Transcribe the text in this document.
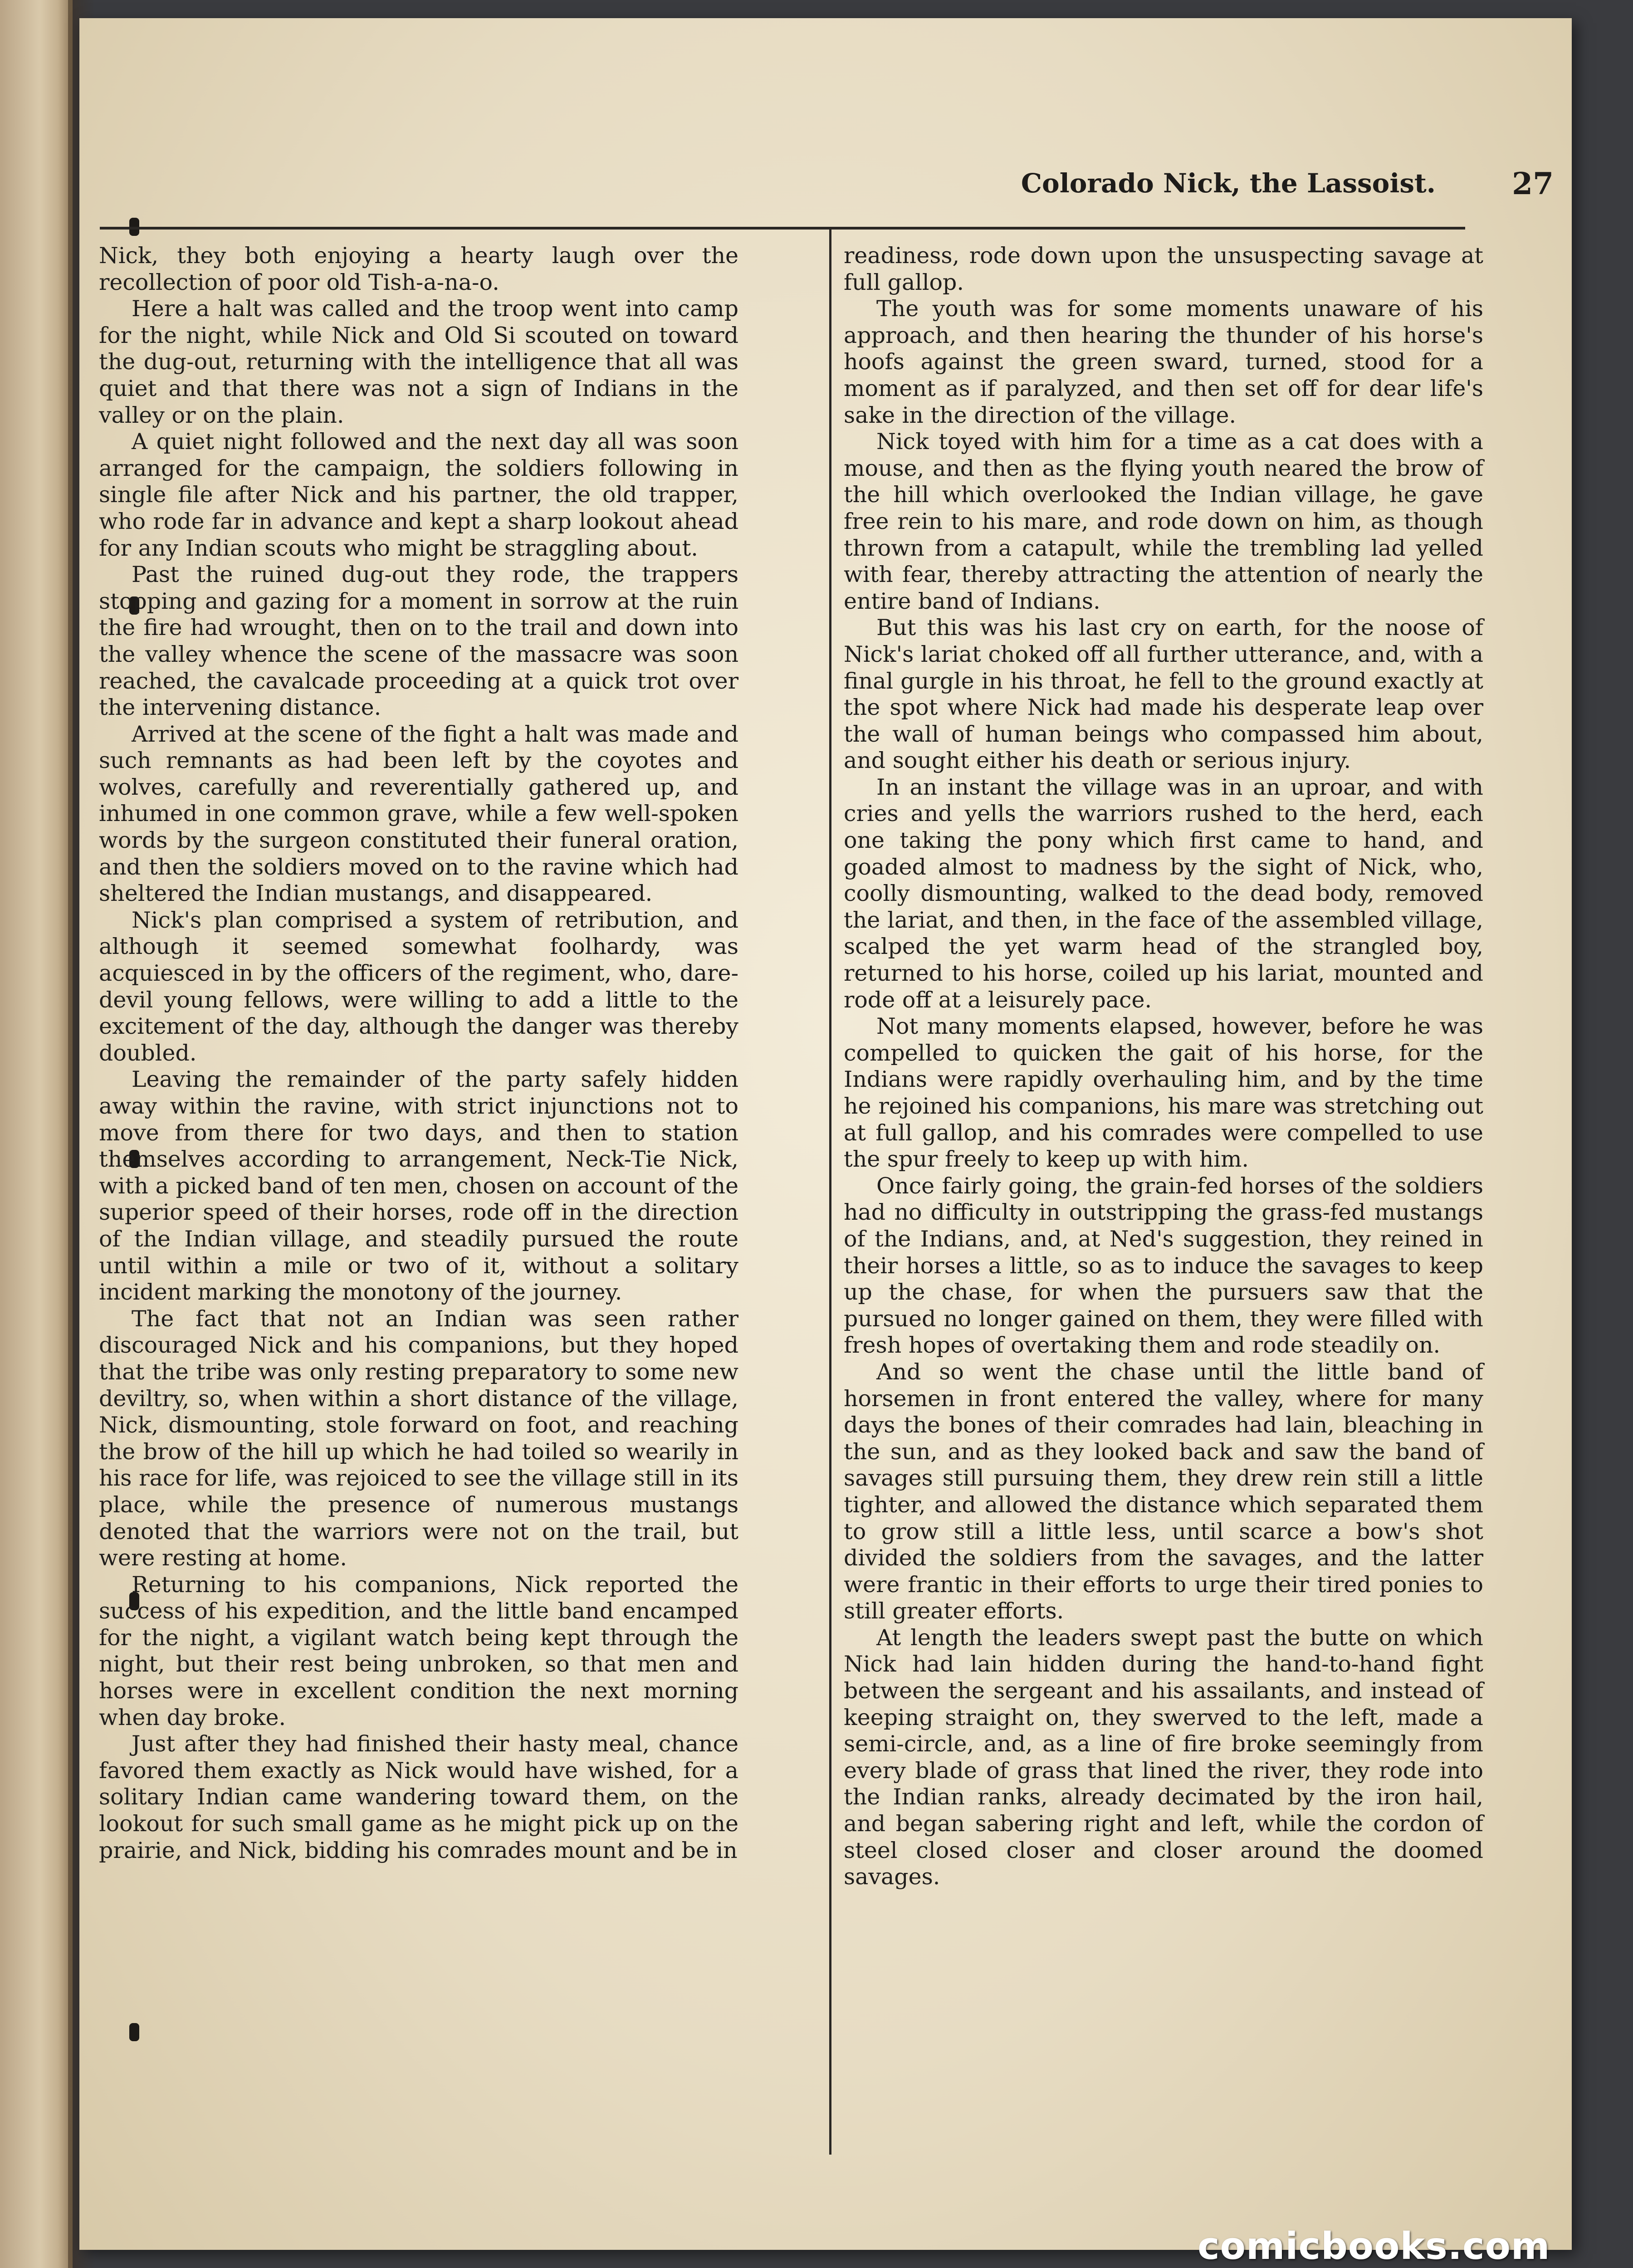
Colorado Nick, the Lassoist.	27

Nick, they both enjoying a hearty laugh over the recollection of poor old Tish-a-na-o.

Here a halt was called and the troop went into camp for the night, while Nick and Old Si scouted on toward the dug-out, returning with the intelligence that all was quiet and that there was not a sign of Indians in the valley or on the plain.

A quiet night followed and the next day all was soon arranged for the campaign, the soldiers following in single file after Nick and his partner, the old trapper, who rode far in advance and kept a sharp lookout ahead for any Indian scouts who might be straggling about.

Past the ruined dug-out they rode, the trappers stopping and gazing for a moment in sorrow at the ruin the fire had wrought, then on to the trail and down into the valley whence the scene of the massacre was soon reached, the cavalcade proceeding at a quick trot over the intervening distance.

Arrived at the scene of the fight a halt was made and such remnants as had been left by the coyotes and wolves, carefully and reverentially gathered up, and inhumed in one common grave, while a few well-spoken words by the surgeon constituted their funeral oration, and then the soldiers moved on to the ravine which had sheltered the Indian mustangs, and disappeared.

Nick's plan comprised a system of retribution, and although it seemed somewhat foolhardy, was acquiesced in by the officers of the regiment, who, dare-devil young fellows, were willing to add a little to the excitement of the day, although the danger was thereby doubled.

Leaving the remainder of the party safely hidden away within the ravine, with strict injunctions not to move from there for two days, and then to station themselves according to arrangement, Neck-Tie Nick, with a picked band of ten men, chosen on account of the superior speed of their horses, rode off in the direction of the Indian village, and steadily pursued the route until within a mile or two of it, without a solitary incident marking the monotony of the journey.

The fact that not an Indian was seen rather discouraged Nick and his companions, but they hoped that the tribe was only resting preparatory to some new deviltry, so, when within a short distance of the village, Nick, dismounting, stole forward on foot, and reaching the brow of the hill up which he had toiled so wearily in his race for life, was rejoiced to see the village still in its place, while the presence of numerous mustangs denoted that the warriors were not on the trail, but were resting at home.

Returning to his companions, Nick reported the success of his expedition, and the little band encamped for the night, a vigilant watch being kept through the night, but their rest being unbroken, so that men and horses were in excellent condition the next morning when day broke.

Just after they had finished their hasty meal, chance favored them exactly as Nick would have wished, for a solitary Indian came wandering toward them, on the lookout for such small game as he might pick up on the prairie, and Nick, bidding his comrades mount and be in

readiness, rode down upon the unsuspecting savage at full gallop.

The youth was for some moments unaware of his approach, and then hearing the thunder of his horse's hoofs against the green sward, turned, stood for a moment as if paralyzed, and then set off for dear life's sake in the direction of the village.

Nick toyed with him for a time as a cat does with a mouse, and then as the flying youth neared the brow of the hill which overlooked the Indian village, he gave free rein to his mare, and rode down on him, as though thrown from a catapult, while the trembling lad yelled with fear, thereby attracting the attention of nearly the entire band of Indians.

But this was his last cry on earth, for the noose of Nick's lariat choked off all further utterance, and, with a final gurgle in his throat, he fell to the ground exactly at the spot where Nick had made his desperate leap over the wall of human beings who compassed him about, and sought either his death or serious injury.

In an instant the village was in an uproar, and with cries and yells the warriors rushed to the herd, each one taking the pony which first came to hand, and goaded almost to madness by the sight of Nick, who, coolly dismounting, walked to the dead body, removed the lariat, and then, in the face of the assembled village, scalped the yet warm head of the strangled boy, returned to his horse, coiled up his lariat, mounted and rode off at a leisurely pace.

Not many moments elapsed, however, before he was compelled to quicken the gait of his horse, for the Indians were rapidly overhauling him, and by the time he rejoined his companions, his mare was stretching out at full gallop, and his comrades were compelled to use the spur freely to keep up with him.

Once fairly going, the grain-fed horses of the soldiers had no difficulty in outstripping the grass-fed mustangs of the Indians, and, at Ned's suggestion, they reined in their horses a little, so as to induce the savages to keep up the chase, for when the pursuers saw that the pursued no longer gained on them, they were filled with fresh hopes of overtaking them and rode steadily on.

And so went the chase until the little band of horsemen in front entered the valley, where for many days the bones of their comrades had lain, bleaching in the sun, and as they looked back and saw the band of savages still pursuing them, they drew rein still a little tighter, and allowed the distance which separated them to grow still a little less, until scarce a bow's shot divided the soldiers from the savages, and the latter were frantic in their efforts to urge their tired ponies to still greater efforts.

At length the leaders swept past the butte on which Nick had lain hidden during the hand-to-hand fight between the sergeant and his assailants, and instead of keeping straight on, they swerved to the left, made a semi-circle, and, as a line of fire broke seemingly from every blade of grass that lined the river, they rode into the Indian ranks, already decimated by the iron hail, and began sabering right and left, while the cordon of steel closed closer and closer around the doomed savages.

comicbooks.com
